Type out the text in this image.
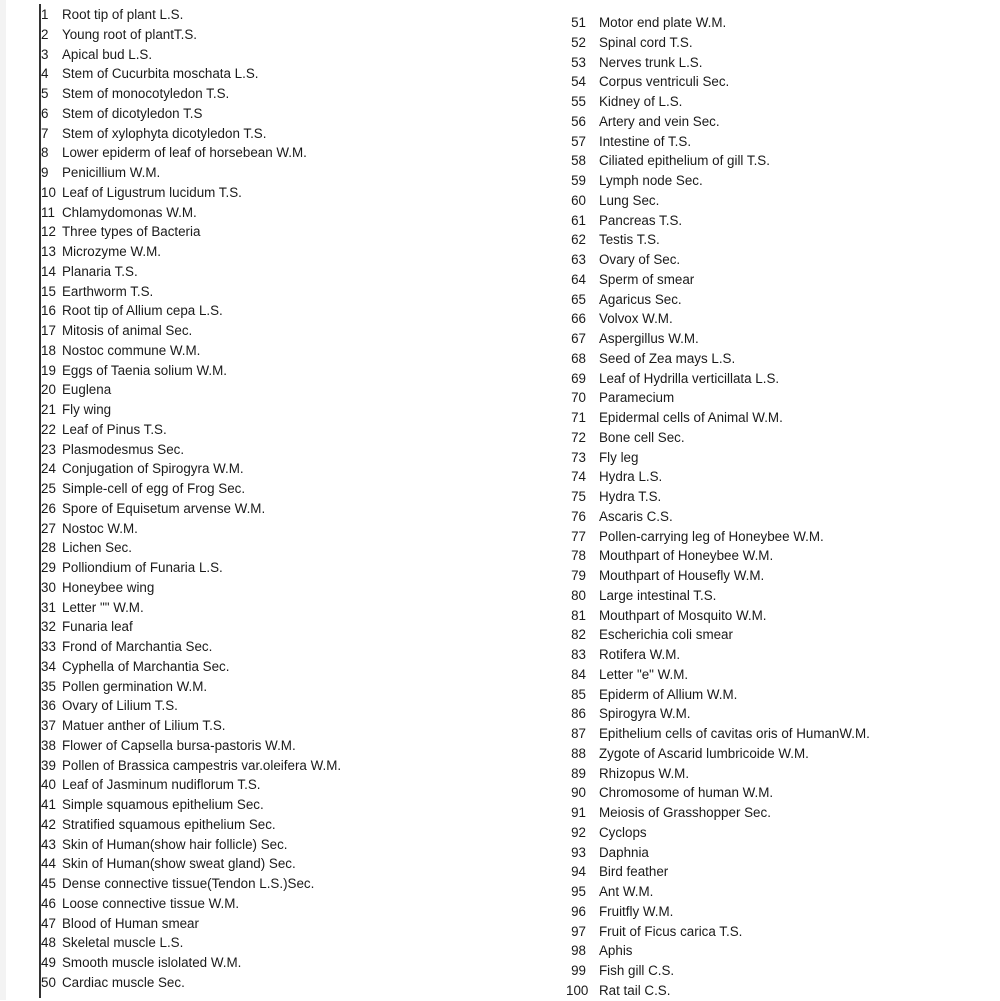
1 Root tip of plant L.S.
2 Young root of plantT.S.
3 Apical bud L.S.
4 Stem of Cucurbita moschata L.S.
5 Stem of monocotyledon T.S.
6 Stem of dicotyledon T.S
7 Stem of xylophyta dicotyledon T.S.
8 Lower epiderm of leaf of horsebean W.M.
9 Penicillium W.M.
10 Leaf of Ligustrum lucidum T.S.
11 Chlamydomonas W.M.
12 Three types of Bacteria
13 Microzyme W.M.
14 Planaria T.S.
15 Earthworm T.S.
16 Root tip of Allium cepa L.S.
17 Mitosis of animal Sec.
18 Nostoc commune W.M.
19 Eggs of Taenia solium W.M.
20 Euglena
21 Fly wing
22 Leaf of Pinus T.S.
23 Plasmodesmus Sec.
24 Conjugation of Spirogyra W.M.
25 Simple-cell of egg of Frog Sec.
26 Spore of Equisetum arvense W.M.
27 Nostoc W.M.
28 Lichen Sec.
29 Polliondium of Funaria L.S.
30 Honeybee wing
31 Letter "" W.M.
32 Funaria leaf
33 Frond of Marchantia Sec.
34 Cyphella of Marchantia Sec.
35 Pollen germination W.M.
36 Ovary of Lilium T.S.
37 Matuer anther of Lilium T.S.
38 Flower of Capsella bursa-pastoris W.M.
39 Pollen of Brassica campestris var.oleifera W.M.
40 Leaf of Jasminum nudiflorum T.S.
41 Simple squamous epithelium Sec.
42 Stratified squamous epithelium Sec.
43 Skin of Human(show hair follicle) Sec.
44 Skin of Human(show sweat gland) Sec.
45 Dense connective tissue(Tendon L.S.)Sec.
46 Loose connective tissue W.M.
47 Blood of Human smear
48 Skeletal muscle L.S.
49 Smooth muscle islolated W.M.
50 Cardiac muscle Sec.
51 Motor end plate W.M.
52 Spinal cord T.S.
53 Nerves trunk L.S.
54 Corpus ventriculi Sec.
55 Kidney of L.S.
56 Artery and vein Sec.
57 Intestine of T.S.
58 Ciliated epithelium of gill T.S.
59 Lymph node Sec.
60 Lung Sec.
61 Pancreas T.S.
62 Testis T.S.
63 Ovary of Sec.
64 Sperm of smear
65 Agaricus Sec.
66 Volvox W.M.
67 Aspergillus W.M.
68 Seed of Zea mays L.S.
69 Leaf of Hydrilla verticillata L.S.
70 Paramecium
71 Epidermal cells of Animal W.M.
72 Bone cell Sec.
73 Fly leg
74 Hydra L.S.
75 Hydra T.S.
76 Ascaris C.S.
77 Pollen-carrying leg of Honeybee W.M.
78 Mouthpart of Honeybee W.M.
79 Mouthpart of Housefly W.M.
80 Large intestinal T.S.
81 Mouthpart of Mosquito W.M.
82 Escherichia coli smear
83 Rotifera W.M.
84 Letter "e" W.M.
85 Epiderm of Allium W.M.
86 Spirogyra W.M.
87 Epithelium cells of cavitas oris of HumanW.M.
88 Zygote of Ascarid lumbricoide W.M.
89 Rhizopus W.M.
90 Chromosome of human W.M.
91 Meiosis of Grasshopper Sec.
92 Cyclops
93 Daphnia
94 Bird feather
95 Ant W.M.
96 Fruitfly W.M.
97 Fruit of Ficus carica T.S.
98 Aphis
99 Fish gill C.S.
100 Rat tail C.S.
